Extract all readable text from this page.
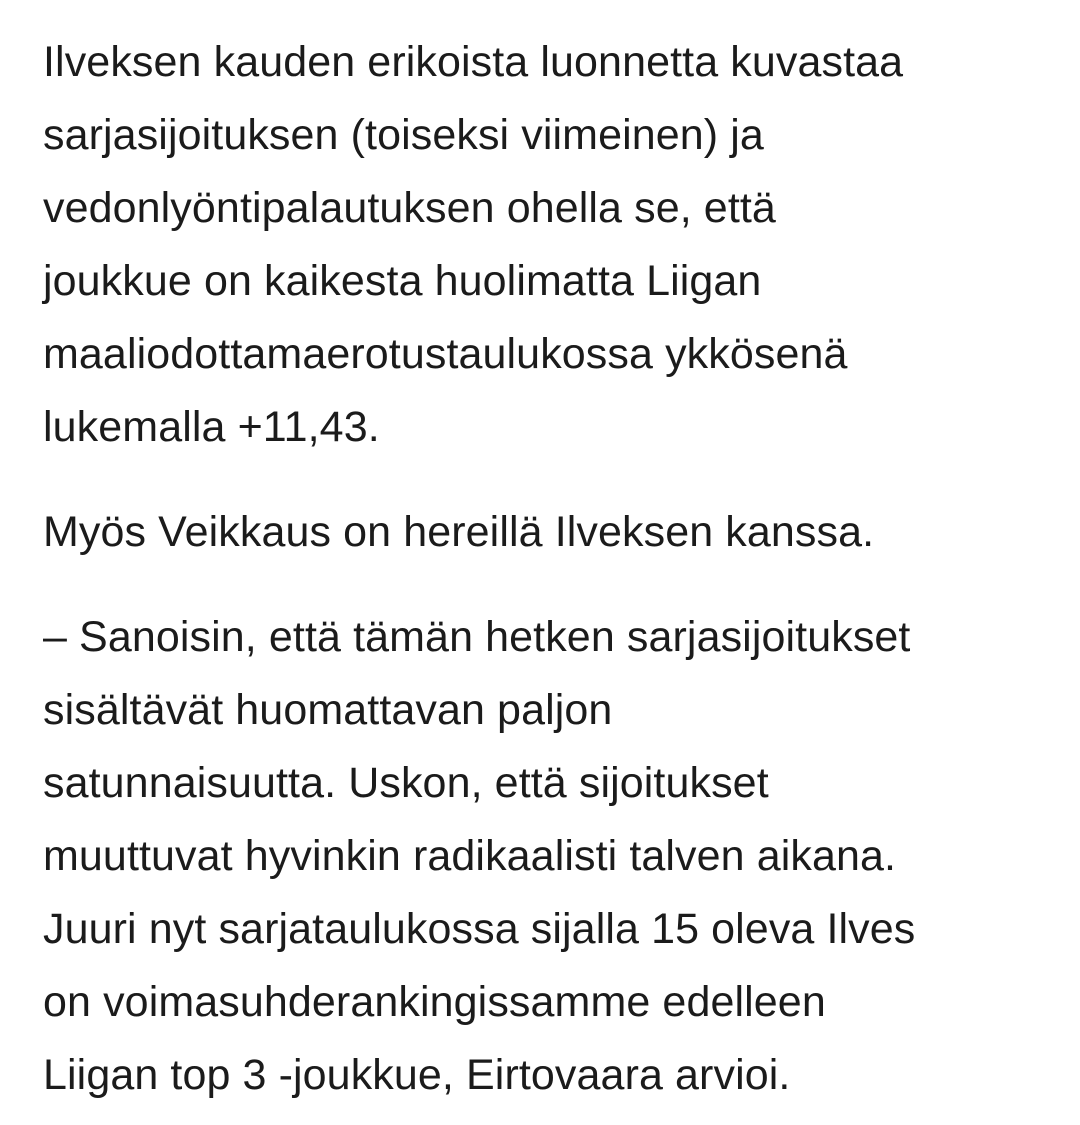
Ilveksen kauden erikoista luonnetta kuvastaa
sarjasijoituksen (toiseksi viimeinen) ja
vedonlyöntipalautuksen ohella se, että
joukkue on kaikesta huolimatta Liigan
maaliodottamaerotustaulukossa ykkösenä
lukemalla +11,43.

Myös Veikkaus on hereillä Ilveksen kanssa.

– Sanoisin, että tämän hetken sarjasijoitukset
sisältävät huomattavan paljon
satunnaisuutta. Uskon, että sijoitukset
muuttuvat hyvinkin radikaalisti talven aikana.
Juuri nyt sarjataulukossa sijalla 15 oleva Ilves
on voimasuhderankingissamme edelleen
Liigan top 3 -joukkue, Eirtovaara arvioi.
